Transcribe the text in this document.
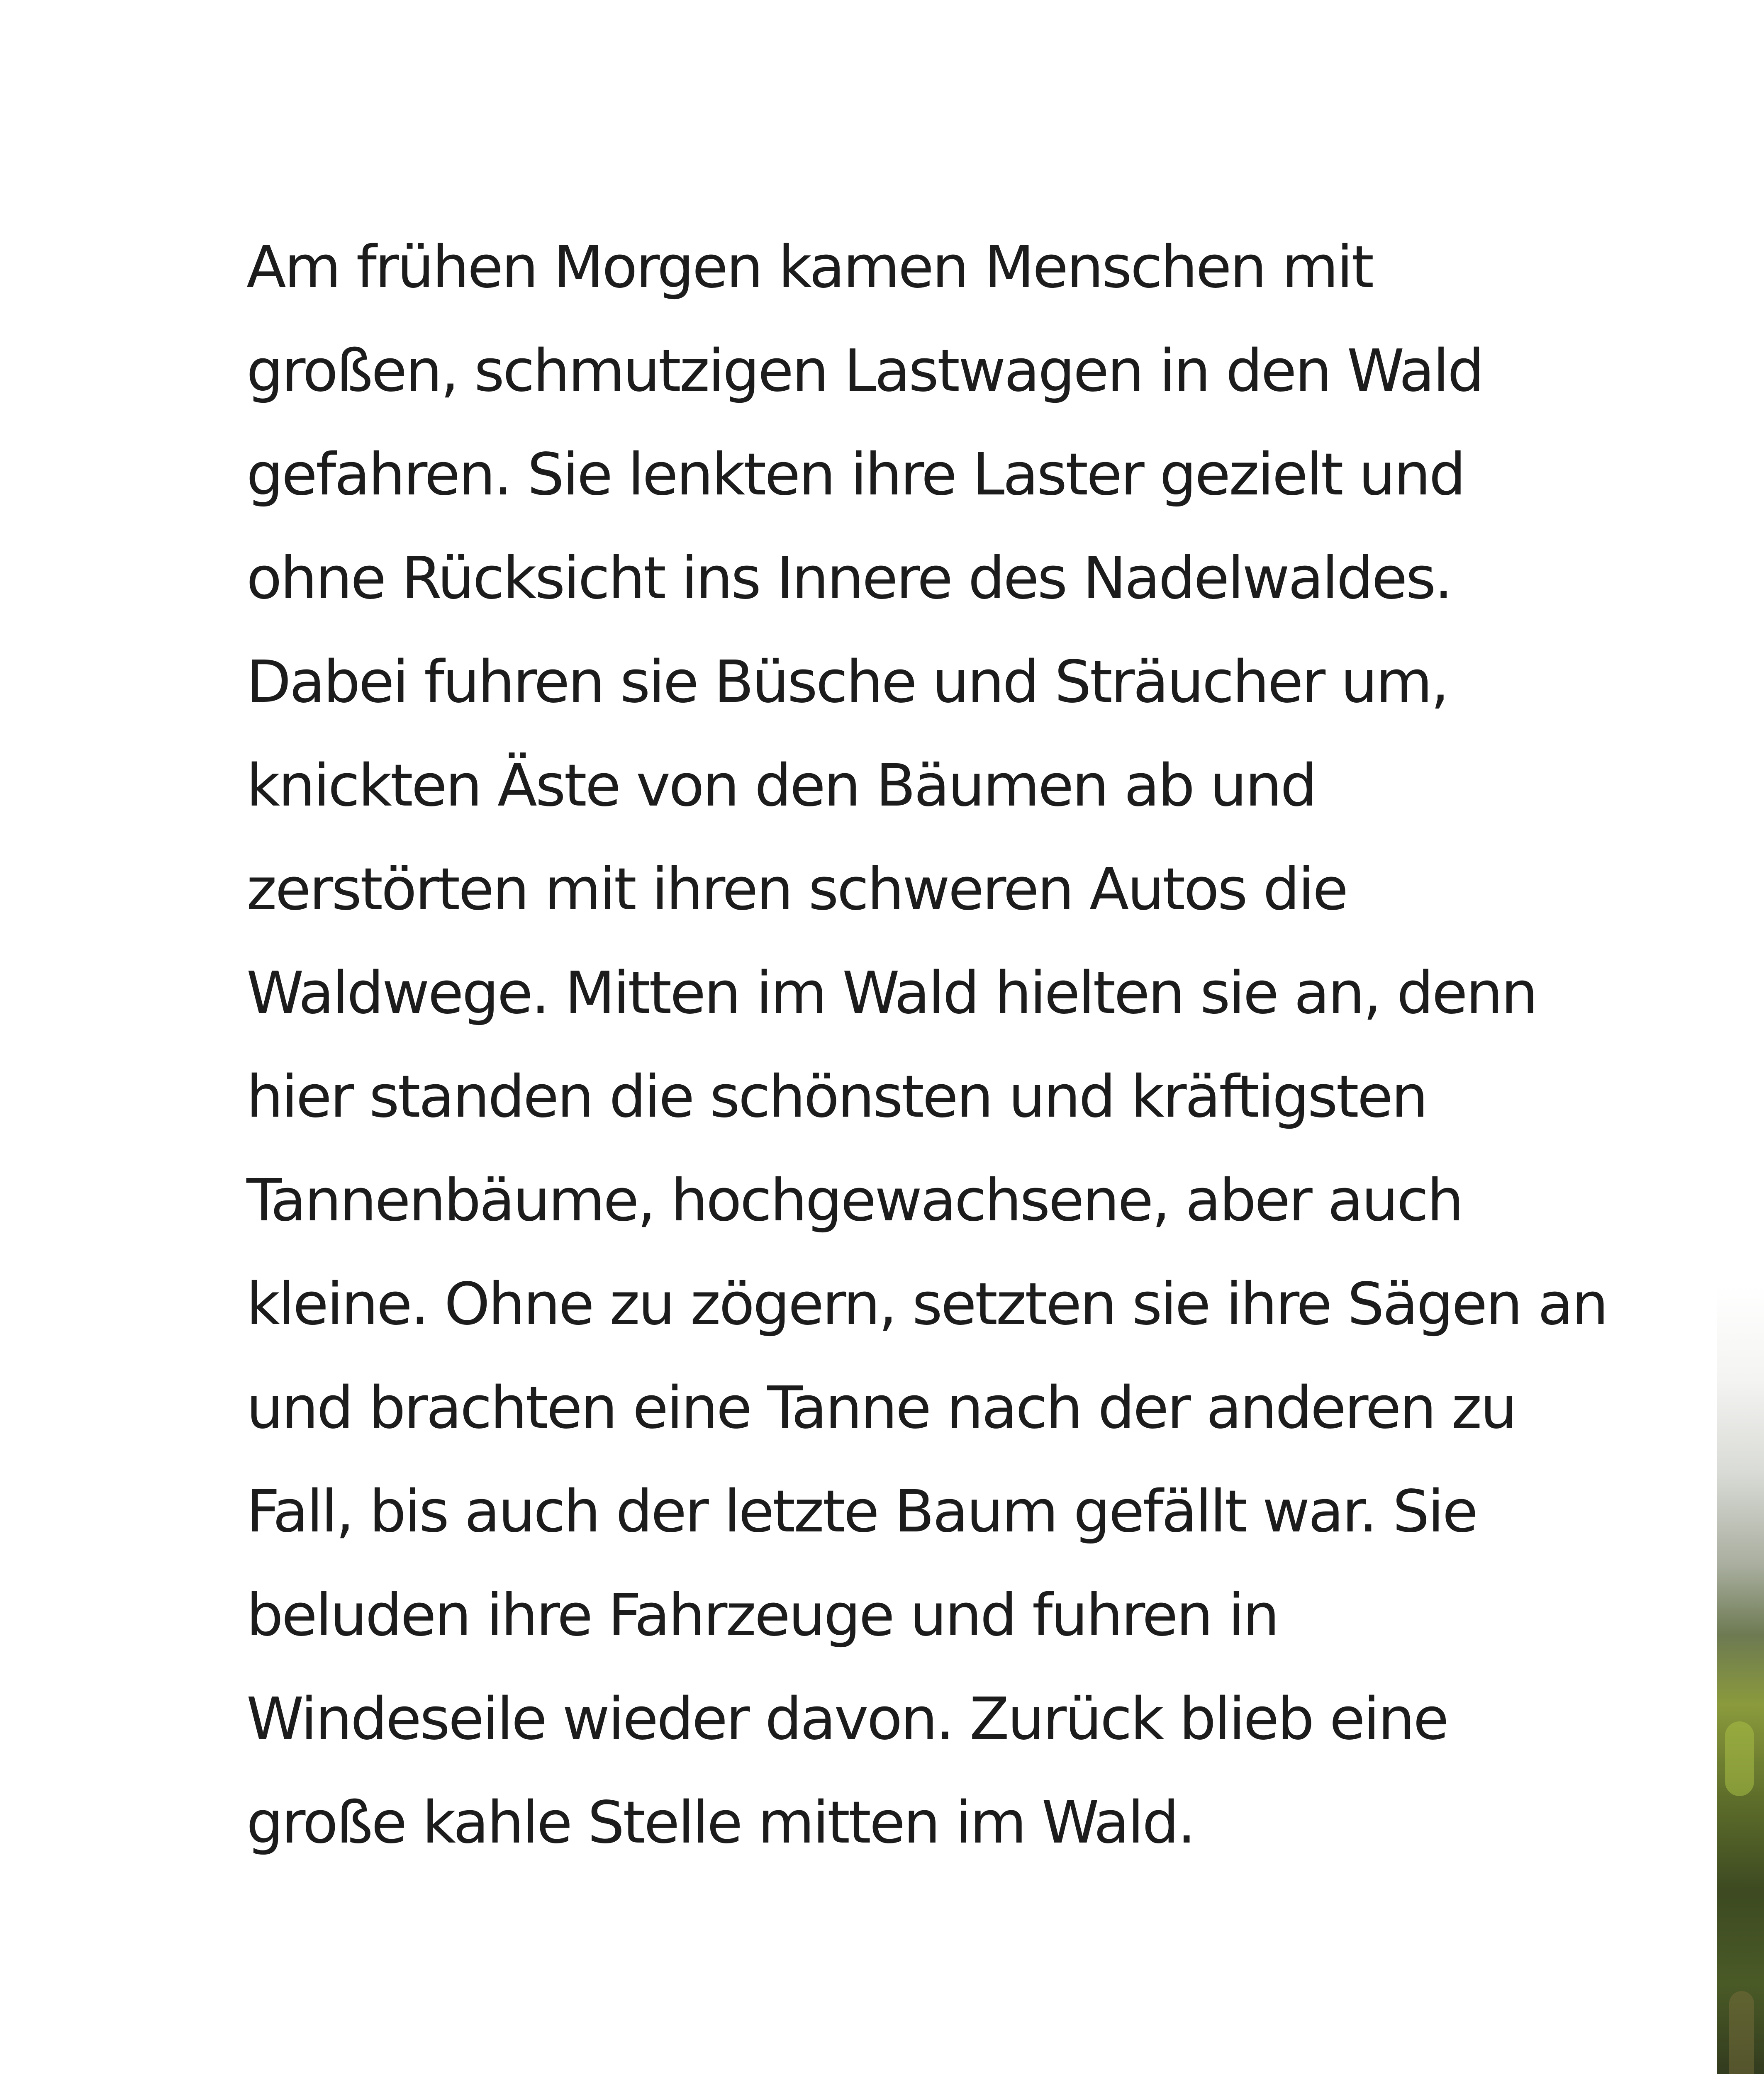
Am frühen Morgen kamen Menschen mit
großen, schmutzigen Lastwagen in den Wald
gefahren. Sie lenkten ihre Laster gezielt und
ohne Rücksicht ins Innere des Nadelwaldes.
Dabei fuhren sie Büsche und Sträucher um,
knickten Äste von den Bäumen ab und
zerstörten mit ihren schweren Autos die
Waldwege. Mitten im Wald hielten sie an, denn
hier standen die schönsten und kräftigsten
Tannenbäume, hochgewachsene, aber auch
kleine. Ohne zu zögern, setzten sie ihre Sägen an
und brachten eine Tanne nach der anderen zu
Fall, bis auch der letzte Baum gefällt war. Sie
beluden ihre Fahrzeuge und fuhren in
Windeseile wieder davon. Zurück blieb eine
große kahle Stelle mitten im Wald.
